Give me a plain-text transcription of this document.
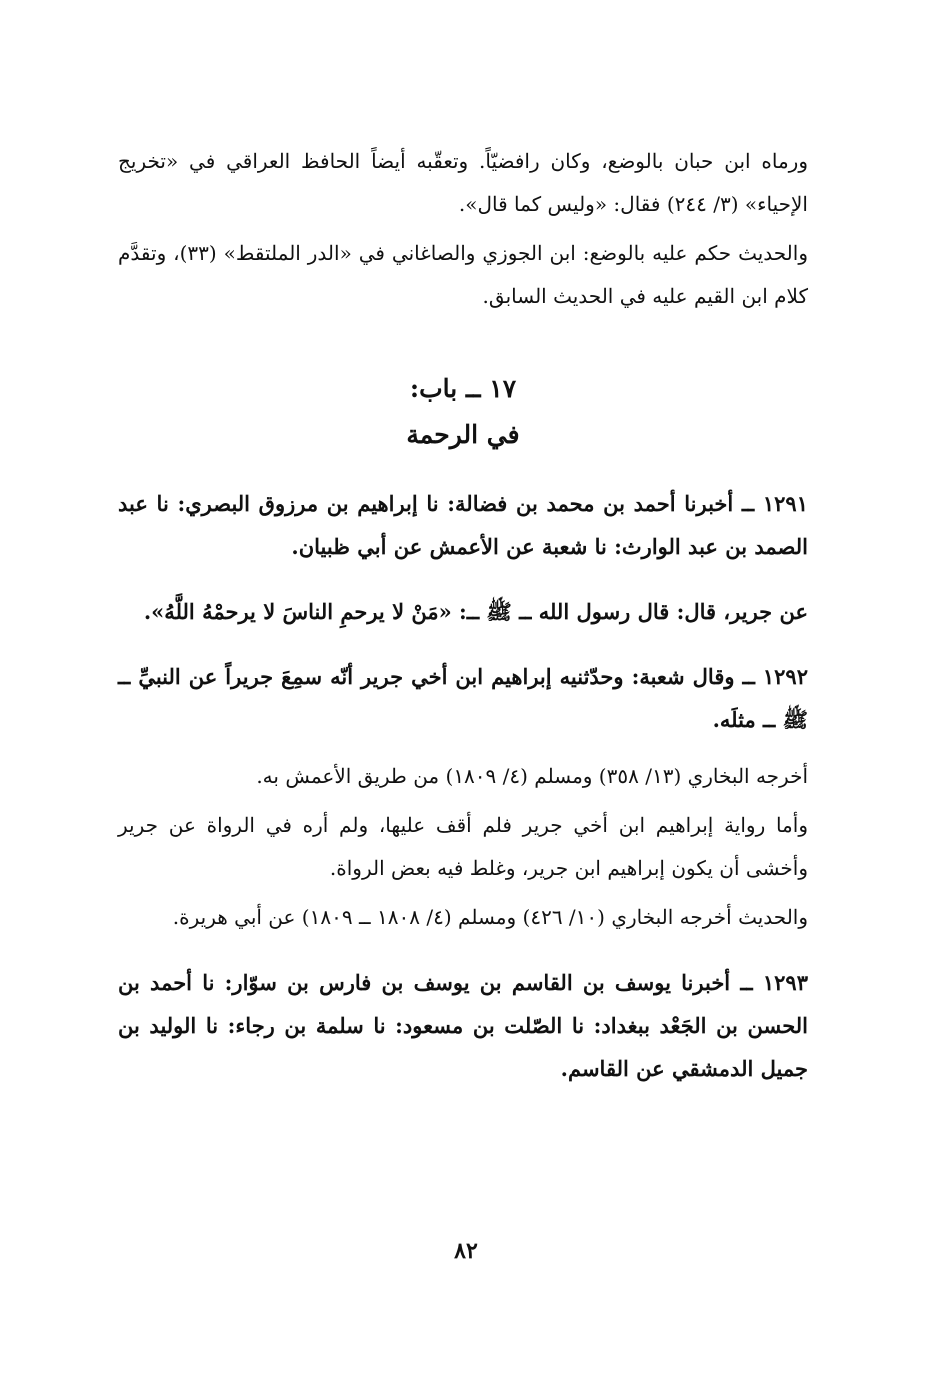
ورماه ابن حبان بالوضع، وكان رافضيّاً. وتعقّبه أيضاً الحافظ العراقي في «تخريج الإحياء» (٣/ ٢٤٤) فقال: «وليس كما قال».

والحديث حكم عليه بالوضع: ابن الجوزي والصاغاني في «الدر الملتقط» (٣٣)، وتقدَّم كلام ابن القيم عليه في الحديث السابق.

١٧ ــ باب:
في الرحمة

١٢٩١ ــ أخبرنا أحمد بن محمد بن فضالة: نا إبراهيم بن مرزوق البصري: نا عبد الصمد بن عبد الوارث: نا شعبة عن الأعمش عن أبي ظبيان.

عن جرير، قال: قال رسول الله ــ ﷺ ــ: «مَنْ لا يرحمِ الناسَ لا يرحمْهُ اللَّهُ».

١٢٩٢ ــ وقال شعبة: وحدّثنيه إبراهيم ابن أخي جرير أنّه سمِعَ جريراً عن النبيِّ ــ ﷺ ــ مثلَه.

أخرجه البخاري (١٣/ ٣٥٨) ومسلم (٤/ ١٨٠٩) من طريق الأعمش به.

وأما رواية إبراهيم ابن أخي جرير فلم أقف عليها، ولم أره في الرواة عن جرير وأخشى أن يكون إبراهيم ابن جرير، وغلط فيه بعض الرواة.

والحديث أخرجه البخاري (١٠/ ٤٢٦) ومسلم (٤/ ١٨٠٨ ــ ١٨٠٩) عن أبي هريرة.

١٢٩٣ ــ أخبرنا يوسف بن القاسم بن يوسف بن فارس بن سوّار: نا أحمد بن الحسن بن الجَعْد ببغداد: نا الصّلت بن مسعود: نا سلمة بن رجاء: نا الوليد بن جميل الدمشقي عن القاسم.

٨٢
